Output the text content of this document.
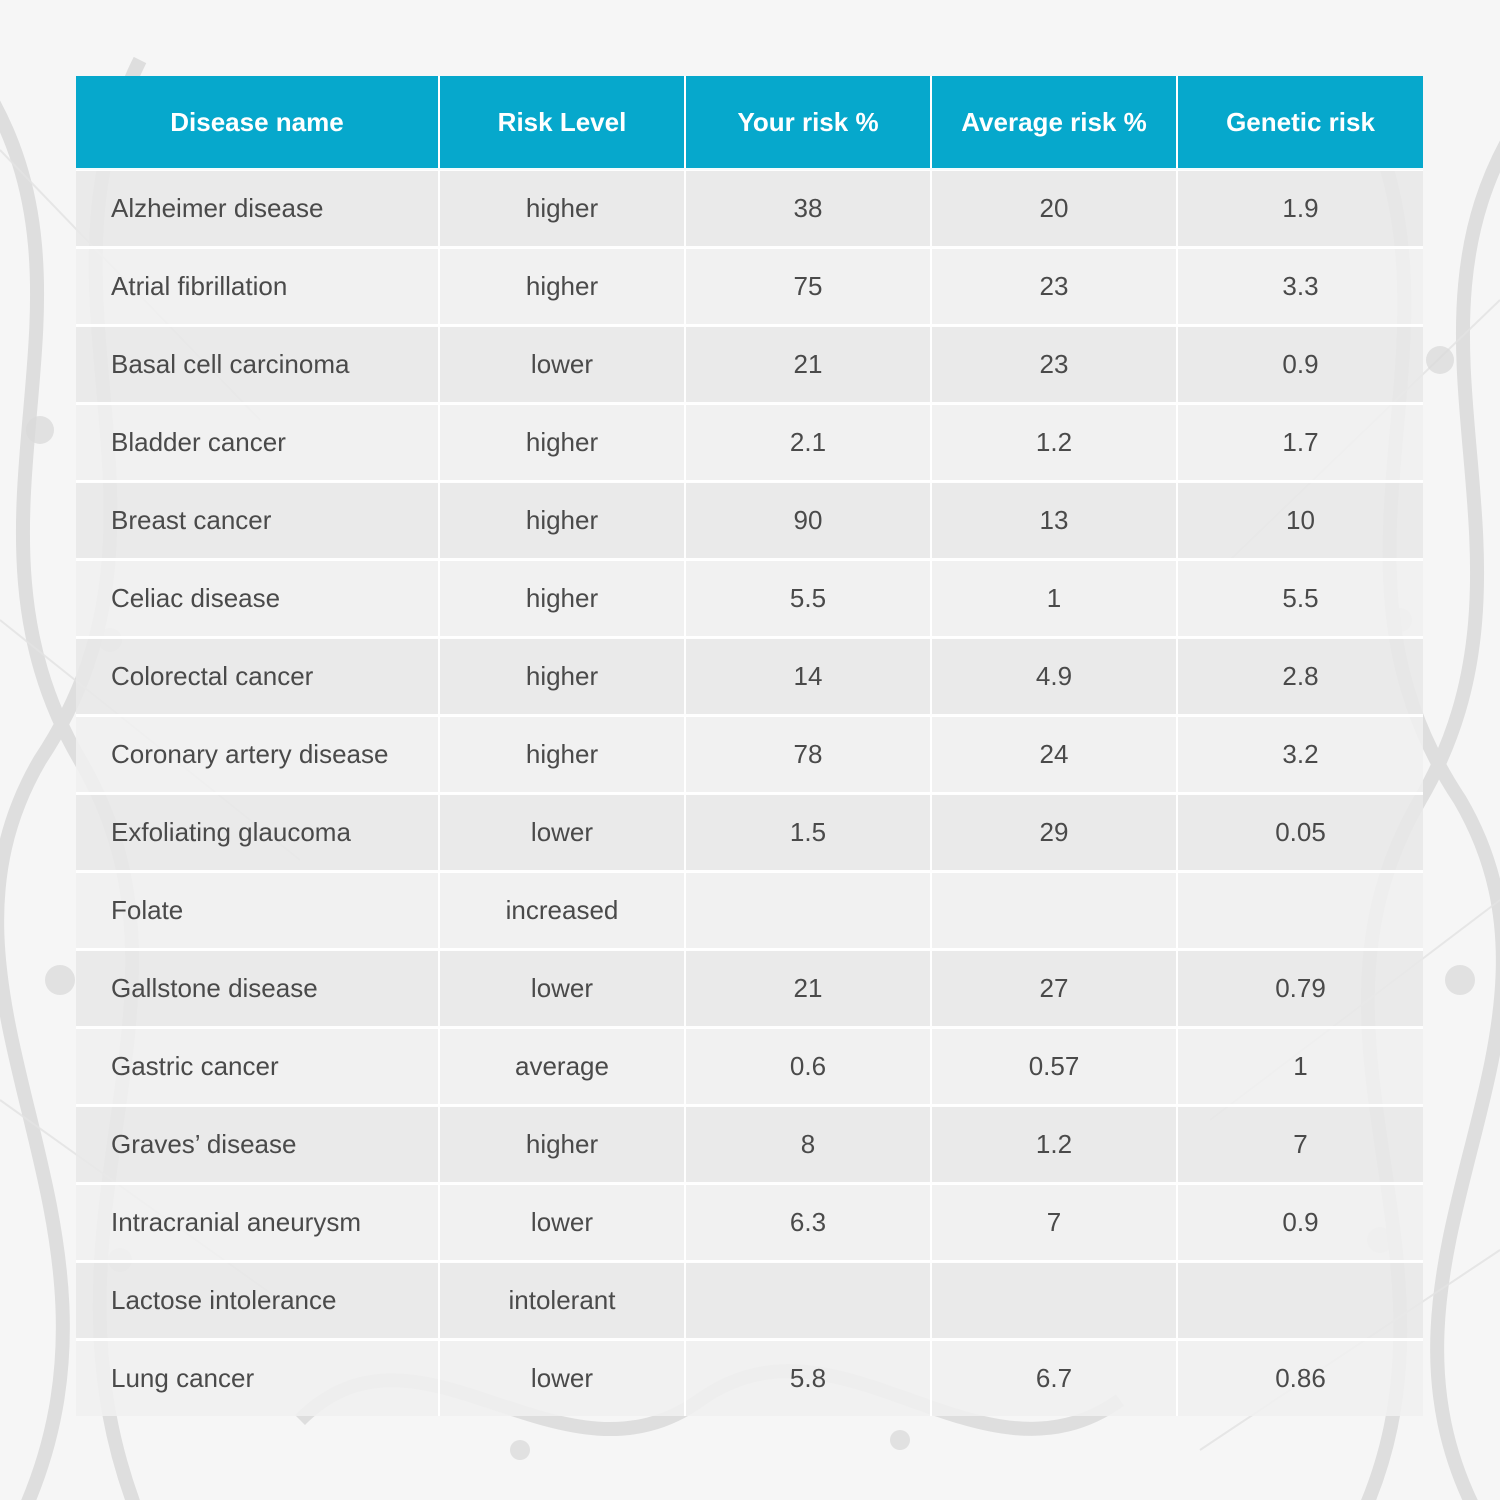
Disease name	Risk Level	Your risk %	Average risk %	Genetic risk
Alzheimer disease	higher	38	20	1.9
Atrial fibrillation	higher	75	23	3.3
Basal cell carcinoma	lower	21	23	0.9
Bladder cancer	higher	2.1	1.2	1.7
Breast cancer	higher	90	13	10
Celiac disease	higher	5.5	1	5.5
Colorectal cancer	higher	14	4.9	2.8
Coronary artery disease	higher	78	24	3.2
Exfoliating glaucoma	lower	1.5	29	0.05
Folate	increased			
Gallstone disease	lower	21	27	0.79
Gastric cancer	average	0.6	0.57	1
Graves’ disease	higher	8	1.2	7
Intracranial aneurysm	lower	6.3	7	0.9
Lactose intolerance	intolerant			
Lung cancer	lower	5.8	6.7	0.86
